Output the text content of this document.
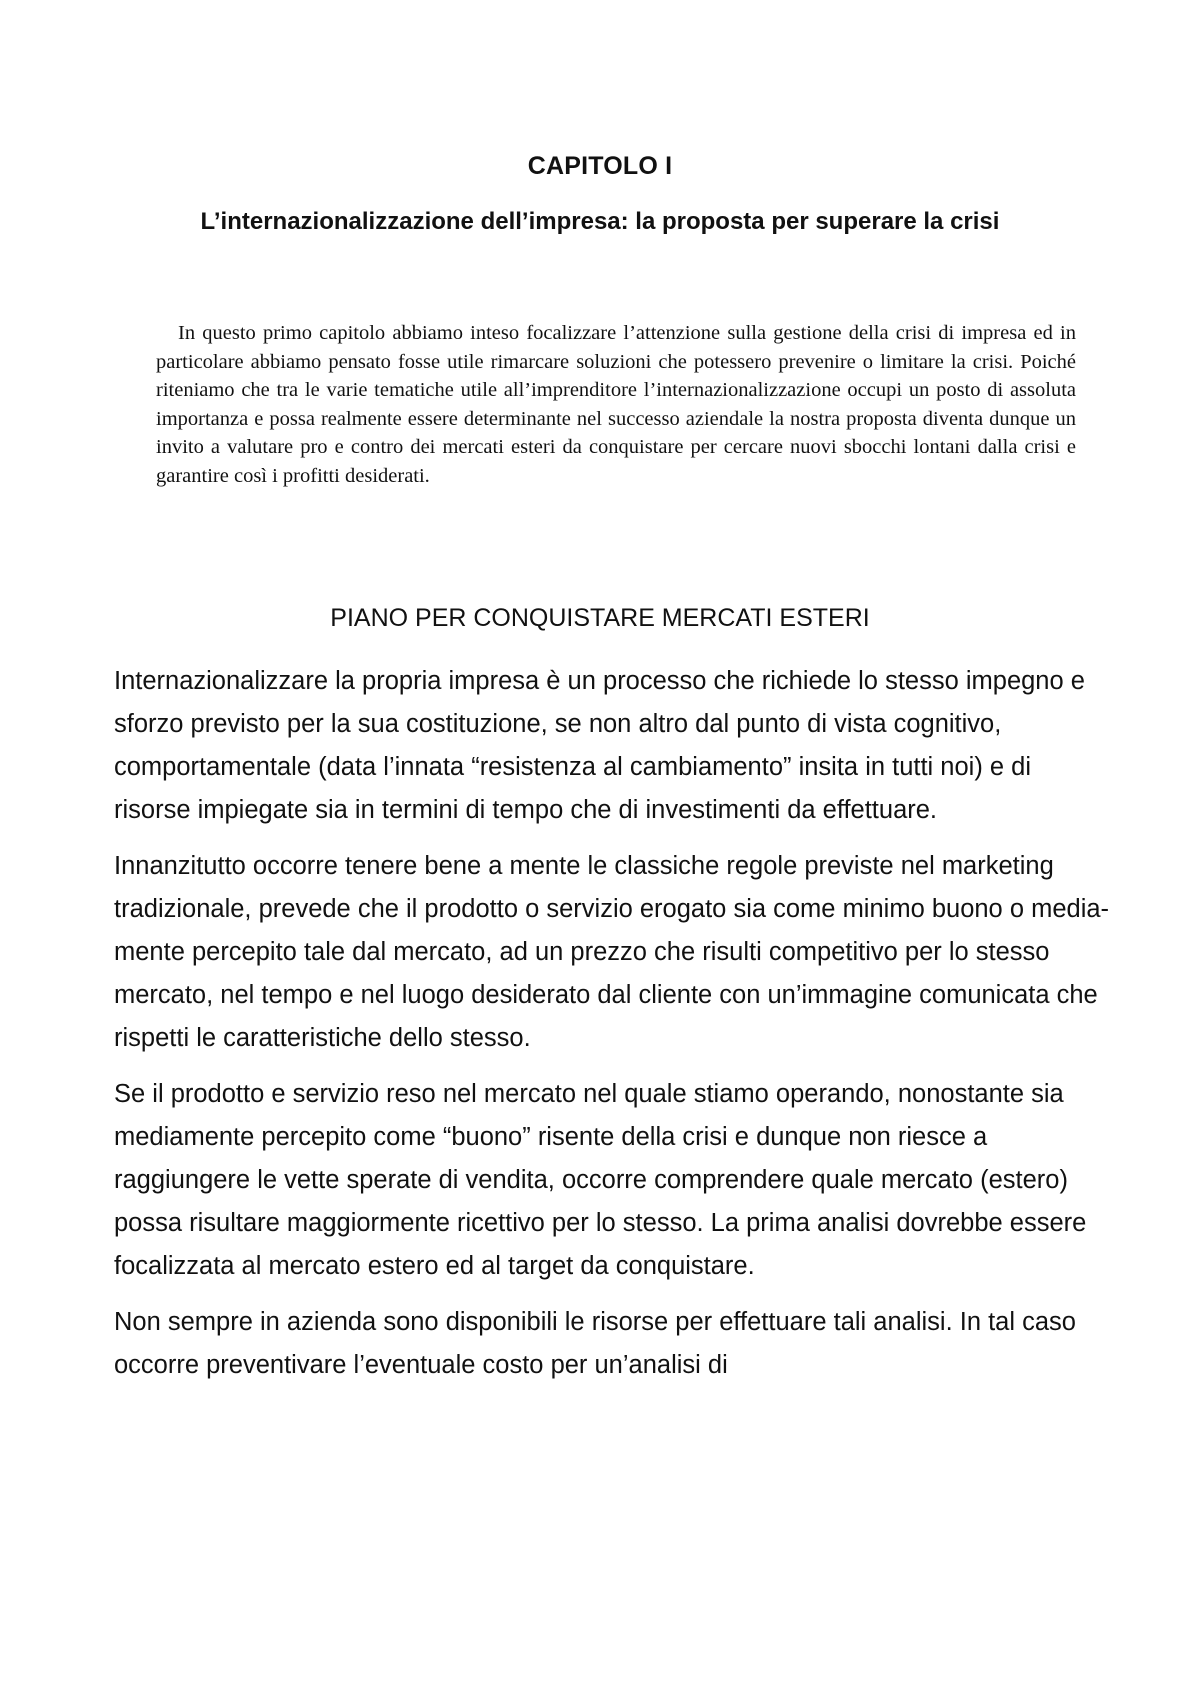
CAPITOLO I
L’internazionalizzazione dell’impresa: la proposta per superare la crisi

In questo primo capitolo abbiamo inteso focalizzare l’attenzione sulla gestione della crisi di impresa ed in particolare abbiamo pensato fosse utile rimarcare soluzioni che potessero prevenire o limitare la crisi. Poiché riteniamo che tra le varie tematiche utile all’imprenditore l’internazionalizzazione occupi un posto di assoluta importanza e possa realmente essere determinante nel successo aziendale la nostra proposta diventa dunque un invito a valutare pro e contro dei mercati esteri da conquistare per cercare nuovi sbocchi lontani dalla crisi e garantire così i profitti desiderati.

PIANO PER CONQUISTARE MERCATI ESTERI

Internazionalizzare la propria impresa è un processo che richiede lo stesso impegno e sforzo previsto per la sua costituzione, se non altro dal punto di vista cognitivo, comportamentale (data l’innata “resistenza al cambiamento” insita in tutti noi) e di risorse impiegate sia in termini di tempo che di investimenti da effettuare.

Innanzitutto occorre tenere bene a mente le classiche regole previste nel marketing tradizionale, prevede che il prodotto o servizio erogato sia come minimo buono o media- mente percepito tale dal mercato, ad un prezzo che risulti competitivo per lo stesso mercato, nel tempo e nel luogo desiderato dal cliente con un’immagine comunicata che rispetti le caratteristiche dello stesso.

Se il prodotto e servizio reso nel mercato nel quale stiamo operando, nonostante sia mediamente percepito come “buono” risente della crisi e dunque non riesce a raggiungere le vette sperate di vendita, occorre comprendere quale mercato (estero) possa risultare maggiormente ricettivo per lo stesso. La prima analisi dovrebbe essere focalizzata al mercato estero ed al target da conquistare.

Non sempre in azienda sono disponibili le risorse per effettuare tali analisi. In tal caso occorre preventivare l’eventuale costo per un’analisi di
